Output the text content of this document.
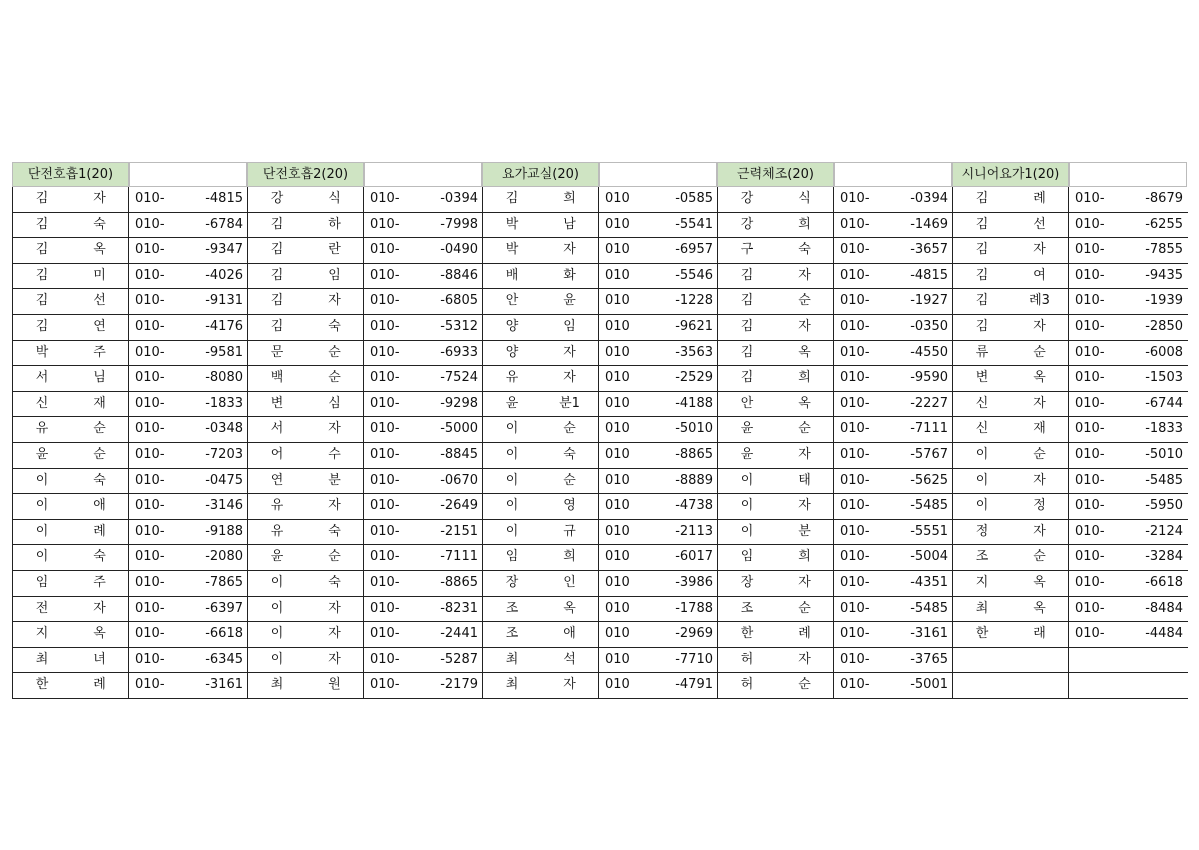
단전호흡1(20)
김	자	010-	-4815
김	숙	010-	-6784
김	옥	010-	-9347
김	미	010-	-4026
김	선	010-	-9131
김	연	010-	-4176
박	주	010-	-9581
서	님	010-	-8080
신	재	010-	-1833
유	순	010-	-0348
윤	순	010-	-7203
이	숙	010-	-0475
이	애	010-	-3146
이	례	010-	-9188
이	숙	010-	-2080
임	주	010-	-7865
전	자	010-	-6397
지	옥	010-	-6618
최	녀	010-	-6345
한	례	010-	-3161
단전호흡2(20)
강	식	010-	-0394
김	하	010-	-7998
김	란	010-	-0490
김	임	010-	-8846
김	자	010-	-6805
김	숙	010-	-5312
문	순	010-	-6933
백	순	010-	-7524
변	심	010-	-9298
서	자	010-	-5000
어	수	010-	-8845
연	분	010-	-0670
유	자	010-	-2649
유	숙	010-	-2151
윤	순	010-	-7111
이	숙	010-	-8865
이	자	010-	-8231
이	자	010-	-2441
이	자	010-	-5287
최	원	010-	-2179
요가교실(20)
김	희	010	-0585
박	남	010	-5541
박	자	010	-6957
배	화	010	-5546
안	윤	010	-1228
양	임	010	-9621
양	자	010	-3563
유	자	010	-2529
윤	분1	010	-4188
이	순	010	-5010
이	숙	010	-8865
이	순	010	-8889
이	영	010	-4738
이	규	010	-2113
임	희	010	-6017
장	인	010	-3986
조	옥	010	-1788
조	애	010	-2969
최	석	010	-7710
최	자	010	-4791
근력체조(20)
강	식	010-	-0394
강	희	010-	-1469
구	숙	010-	-3657
김	자	010-	-4815
김	순	010-	-1927
김	자	010-	-0350
김	옥	010-	-4550
김	희	010-	-9590
안	옥	010-	-2227
윤	순	010-	-7111
윤	자	010-	-5767
이	태	010-	-5625
이	자	010-	-5485
이	분	010-	-5551
임	희	010-	-5004
장	자	010-	-4351
조	순	010-	-5485
한	례	010-	-3161
허	자	010-	-3765
허	순	010-	-5001
시니어요가1(20)
김	례	010-	-8679
김	선	010-	-6255
김	자	010-	-7855
김	여	010-	-9435
김	례3	010-	-1939
김	자	010-	-2850
류	순	010-	-6008
변	옥	010-	-1503
신	자	010-	-6744
신	재	010-	-1833
이	순	010-	-5010
이	자	010-	-5485
이	정	010-	-5950
정	자	010-	-2124
조	순	010-	-3284
지	옥	010-	-6618
최	옥	010-	-8484
한	래	010-	-4484
